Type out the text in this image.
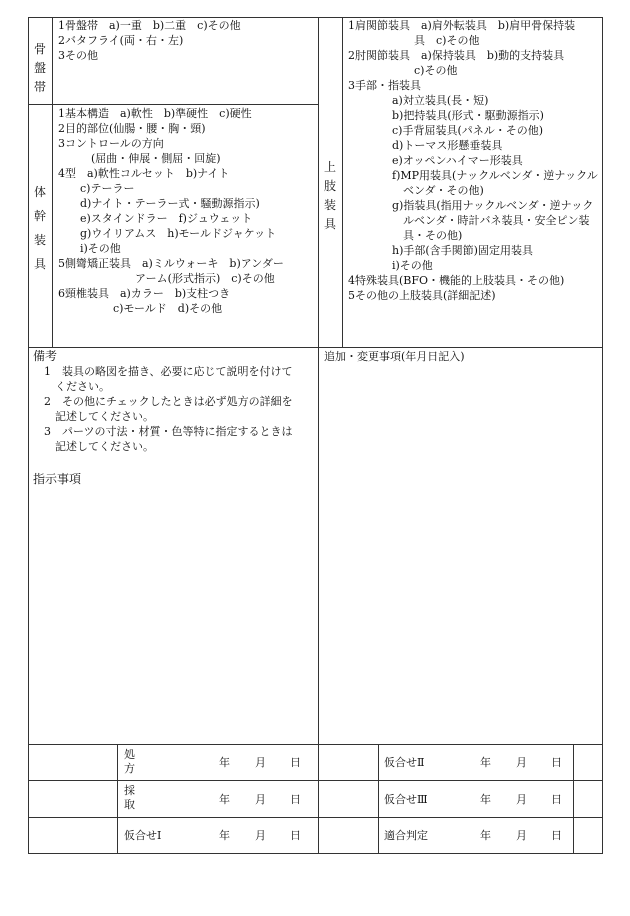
骨盤帯
1骨盤帯　a)一重　b)二重　c)その他
2バタフライ(両・右・左)
3その他
体幹装具
1基本構造　a)軟性　b)準硬性　c)硬性
2目的部位(仙腸・腰・胸・頸)
3コントロールの方向
　　　(屈曲・伸展・側屈・回旋)
4型　a)軟性コルセット　b)ナイト
　　c)テーラー
　　d)ナイト・テーラー式・騒動源指示)
　　e)スタインドラー　f)ジュウェット
　　g)ウイリアムス　h)モールドジャケット
　　i)その他
5側彎矯正装具　a)ミルウォーキ　b)アンダー
　　　　　　　アーム(形式指示)　c)その他
6頸椎装具　a)カラー　b)支柱つき
　　　　　c)モールド　d)その他
上肢装具
1肩関節装具　a)肩外転装具　b)肩甲骨保持装
　　　　　　具　c)その他
2肘関節装具　a)保持装具　b)動的支持装具
　　　　　　c)その他
3手部・指装具
　　　　a)対立装具(長・短)
　　　　b)把持装具(形式・駆動源指示)
　　　　c)手背屈装具(パネル・その他)
　　　　d)トーマス形懸垂装具
　　　　e)オッペンハイマー形装具
　　　　f)MP用装具(ナックルベンダ・逆ナックル
　　　　　ベンダ・その他)
　　　　g)指装具(指用ナックルベンダ・逆ナック
　　　　　ルベンダ・時計バネ装具・安全ピン装
　　　　　具・その他)
　　　　h)手部(含手関節)固定用装具
　　　　i)その他
4特殊装具(BFO・機能的上肢装具・その他)
5その他の上肢装具(詳細記述)
備考
　1　装具の略図を描き、必要に応じて説明を付けて
　　ください。
　2　その他にチェックしたときは必ず処方の詳細を
　　記述してください。
　3　パーツの寸法・材質・色等特に指定するときは
　　記述してください。
指示事項
追加・変更事項(年月日記入)
処
方	年 月 日	仮合せⅡ	年 月 日
採
取	年 月 日	仮合せⅢ	年 月 日
仮合せⅠ	年 月 日	適合判定	年 月 日
